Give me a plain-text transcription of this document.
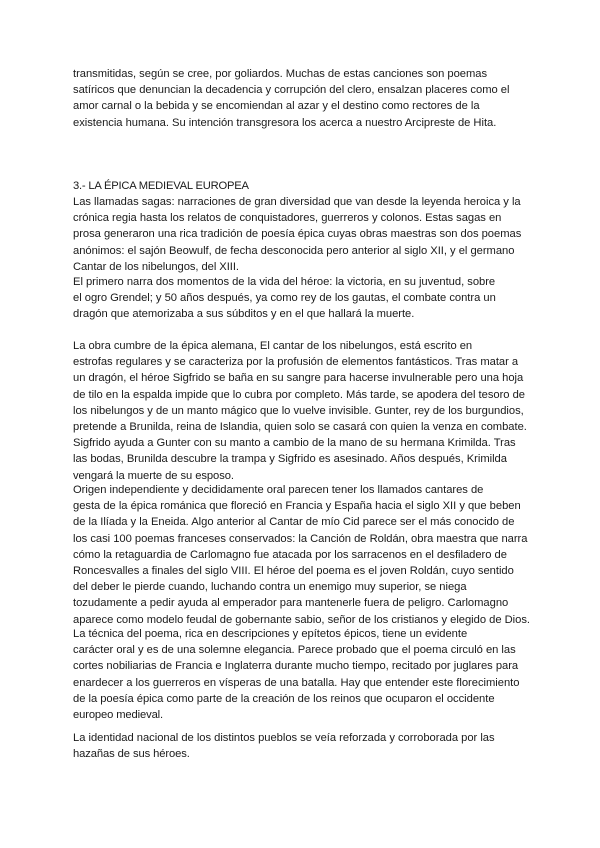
transmitidas, según se cree, por goliardos. Muchas de estas canciones son poemas
satíricos que denuncian la decadencia y corrupción del clero, ensalzan placeres como el
amor carnal o la bebida y se encomiendan al azar y el destino como rectores de la
existencia humana. Su intención transgresora los acerca a nuestro Arcipreste de Hita.
3.- LA ÉPICA MEDIEVAL EUROPEA
Las llamadas sagas: narraciones de gran diversidad que van desde la leyenda heroica y la
crónica regia hasta los relatos de conquistadores, guerreros y colonos. Estas sagas en
prosa generaron una rica tradición de poesía épica cuyas obras maestras son dos poemas
anónimos: el sajón Beowulf, de fecha desconocida pero anterior al siglo XII, y el germano
Cantar de los nibelungos, del XIII.
El primero narra dos momentos de la vida del héroe: la victoria, en su juventud, sobre
el ogro Grendel; y 50 años después, ya como rey de los gautas, el combate contra un
dragón que atemorizaba a sus súbditos y en el que hallará la muerte.
La obra cumbre de la épica alemana, El cantar de los nibelungos, está escrito en
estrofas regulares y se caracteriza por la profusión de elementos fantásticos. Tras matar a
un dragón, el héroe Sigfrido se baña en su sangre para hacerse invulnerable pero una hoja
de tilo en la espalda impide que lo cubra por completo. Más tarde, se apodera del tesoro de
los nibelungos y de un manto mágico que lo vuelve invisible. Gunter, rey de los burgundios,
pretende a Brunilda, reina de Islandia, quien solo se casará con quien la venza en combate.
Sigfrido ayuda a Gunter con su manto a cambio de la mano de su hermana Krimilda. Tras
las bodas, Brunilda descubre la trampa y Sigfrido es asesinado. Años después, Krimilda
vengará la muerte de su esposo.
Origen independiente y decididamente oral parecen tener los llamados cantares de
gesta de la épica románica que floreció en Francia y España hacia el siglo XII y que beben
de la Ilíada y la Eneida. Algo anterior al Cantar de mío Cid parece ser el más conocido de
los casi 100 poemas franceses conservados: la Canción de Roldán, obra maestra que narra
cómo la retaguardia de Carlomagno fue atacada por los sarracenos en el desfiladero de
Roncesvalles a finales del siglo VIII. El héroe del poema es el joven Roldán, cuyo sentido
del deber le pierde cuando, luchando contra un enemigo muy superior, se niega
tozudamente a pedir ayuda al emperador para mantenerle fuera de peligro. Carlomagno
aparece como modelo feudal de gobernante sabio, señor de los cristianos y elegido de Dios.
La técnica del poema, rica en descripciones y epítetos épicos, tiene un evidente
carácter oral y es de una solemne elegancia. Parece probado que el poema circuló en las
cortes nobiliarias de Francia e Inglaterra durante mucho tiempo, recitado por juglares para
enardecer a los guerreros en vísperas de una batalla. Hay que entender este florecimiento
de la poesía épica como parte de la creación de los reinos que ocuparon el occidente
europeo medieval.
La identidad nacional de los distintos pueblos se veía reforzada y corroborada por las
hazañas de sus héroes.
